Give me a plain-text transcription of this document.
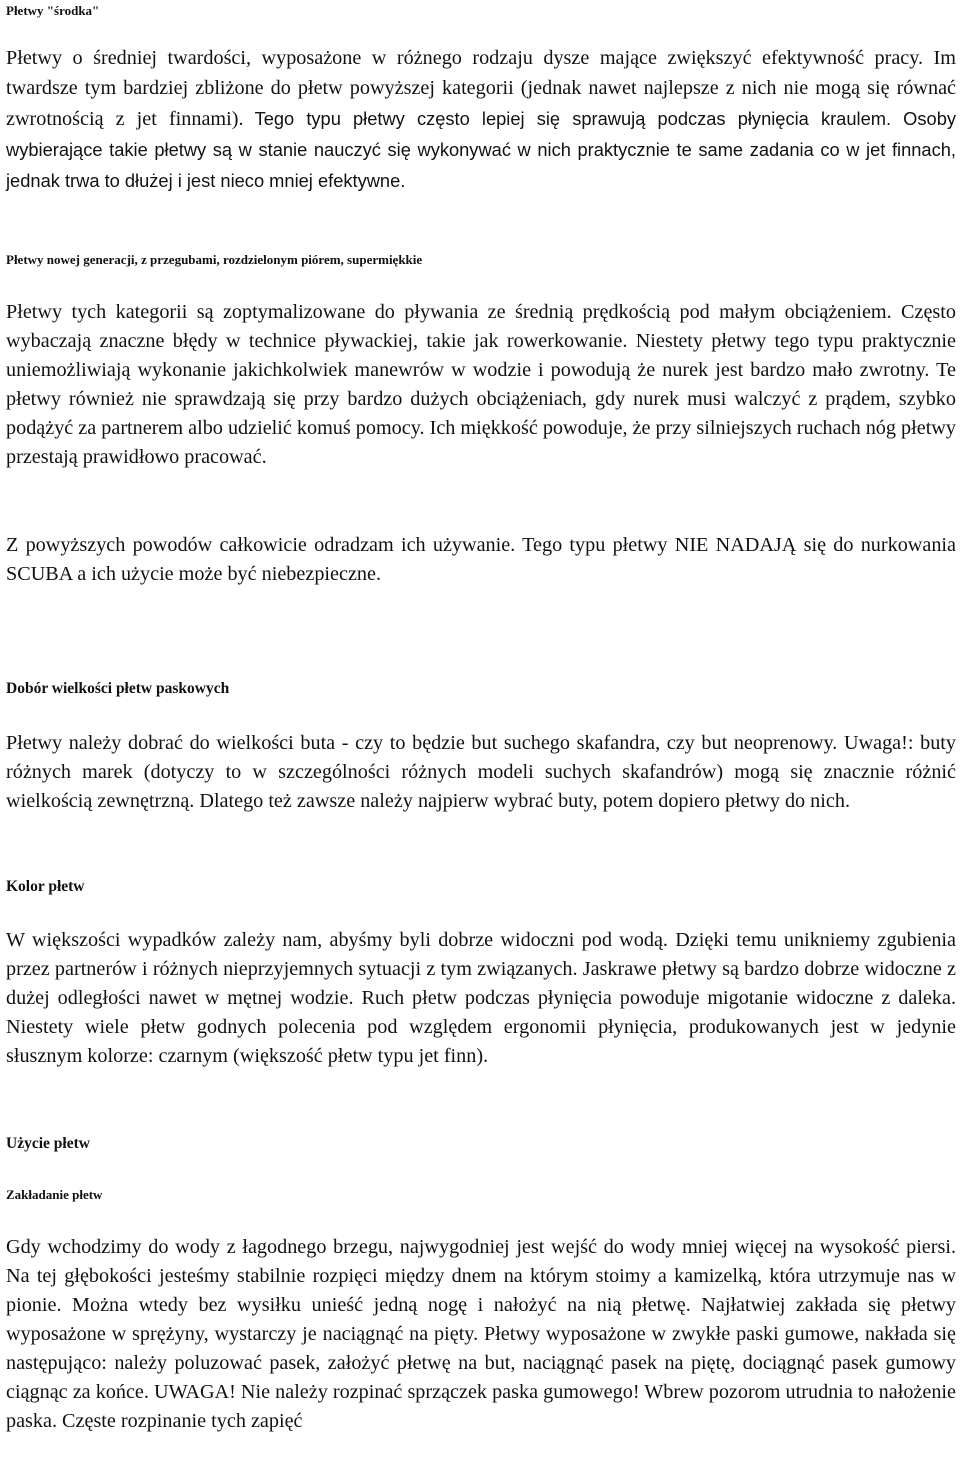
Płetwy "środka"

Płetwy o średniej twardości, wyposażone w różnego rodzaju dysze mające zwiększyć efektywność pracy. Im twardsze tym bardziej zbliżone do płetw powyższej kategorii (jednak nawet najlepsze z nich nie mogą się równać zwrotnością z jet finnami). Tego typu płetwy często lepiej się sprawują podczas płynięcia kraulem. Osoby wybierające takie płetwy są w stanie nauczyć się wykonywać w nich praktycznie te same zadania co w jet finnach, jednak trwa to dłużej i jest nieco mniej efektywne.

Płetwy nowej generacji, z przegubami, rozdzielonym piórem, supermiękkie

Płetwy tych kategorii są zoptymalizowane do pływania ze średnią prędkością pod małym obciążeniem. Często wybaczają znaczne błędy w technice pływackiej, takie jak rowerkowanie. Niestety płetwy tego typu praktycznie uniemożliwiają wykonanie jakichkolwiek manewrów w wodzie i powodują że nurek jest bardzo mało zwrotny. Te płetwy również nie sprawdzają się przy bardzo dużych obciążeniach, gdy nurek musi walczyć z prądem, szybko podążyć za partnerem albo udzielić komuś pomocy. Ich miękkość powoduje, że przy silniejszych ruchach nóg płetwy przestają prawidłowo pracować.

Z powyższych powodów całkowicie odradzam ich używanie. Tego typu płetwy NIE NADAJĄ się do nurkowania SCUBA a ich użycie może być niebezpieczne.

Dobór wielkości płetw paskowych

Płetwy należy dobrać do wielkości buta - czy to będzie but suchego skafandra, czy but neoprenowy. Uwaga!: buty różnych marek (dotyczy to w szczególności różnych modeli suchych skafandrów) mogą się znacznie różnić wielkością zewnętrzną. Dlatego też zawsze należy najpierw wybrać buty, potem dopiero płetwy do nich.

Kolor płetw

W większości wypadków zależy nam, abyśmy byli dobrze widoczni pod wodą. Dzięki temu unikniemy zgubienia przez partnerów i różnych nieprzyjemnych sytuacji z tym związanych. Jaskrawe płetwy są bardzo dobrze widoczne z dużej odległości nawet w mętnej wodzie. Ruch płetw podczas płynięcia powoduje migotanie widoczne z daleka. Niestety wiele płetw godnych polecenia pod względem ergonomii płynięcia, produkowanych jest w jedynie słusznym kolorze: czarnym (większość płetw typu jet finn).

Użycie płetw
Zakładanie płetw

Gdy wchodzimy do wody z łagodnego brzegu, najwygodniej jest wejść do wody mniej więcej na wysokość piersi. Na tej głębokości jesteśmy stabilnie rozpięci między dnem na którym stoimy a kamizelką, która utrzymuje nas w pionie. Można wtedy bez wysiłku unieść jedną nogę i nałożyć na nią płetwę. Najłatwiej zakłada się płetwy wyposażone w sprężyny, wystarczy je naciągnąć na pięty. Płetwy wyposażone w zwykłe paski gumowe, nakłada się następująco: należy poluzować pasek, założyć płetwę na but, naciągnąć pasek na piętę, dociągnąć pasek gumowy ciągnąc za końce. UWAGA! Nie należy rozpinać sprzączek paska gumowego! Wbrew pozorom utrudnia to nałożenie paska. Częste rozpinanie tych zapięć
